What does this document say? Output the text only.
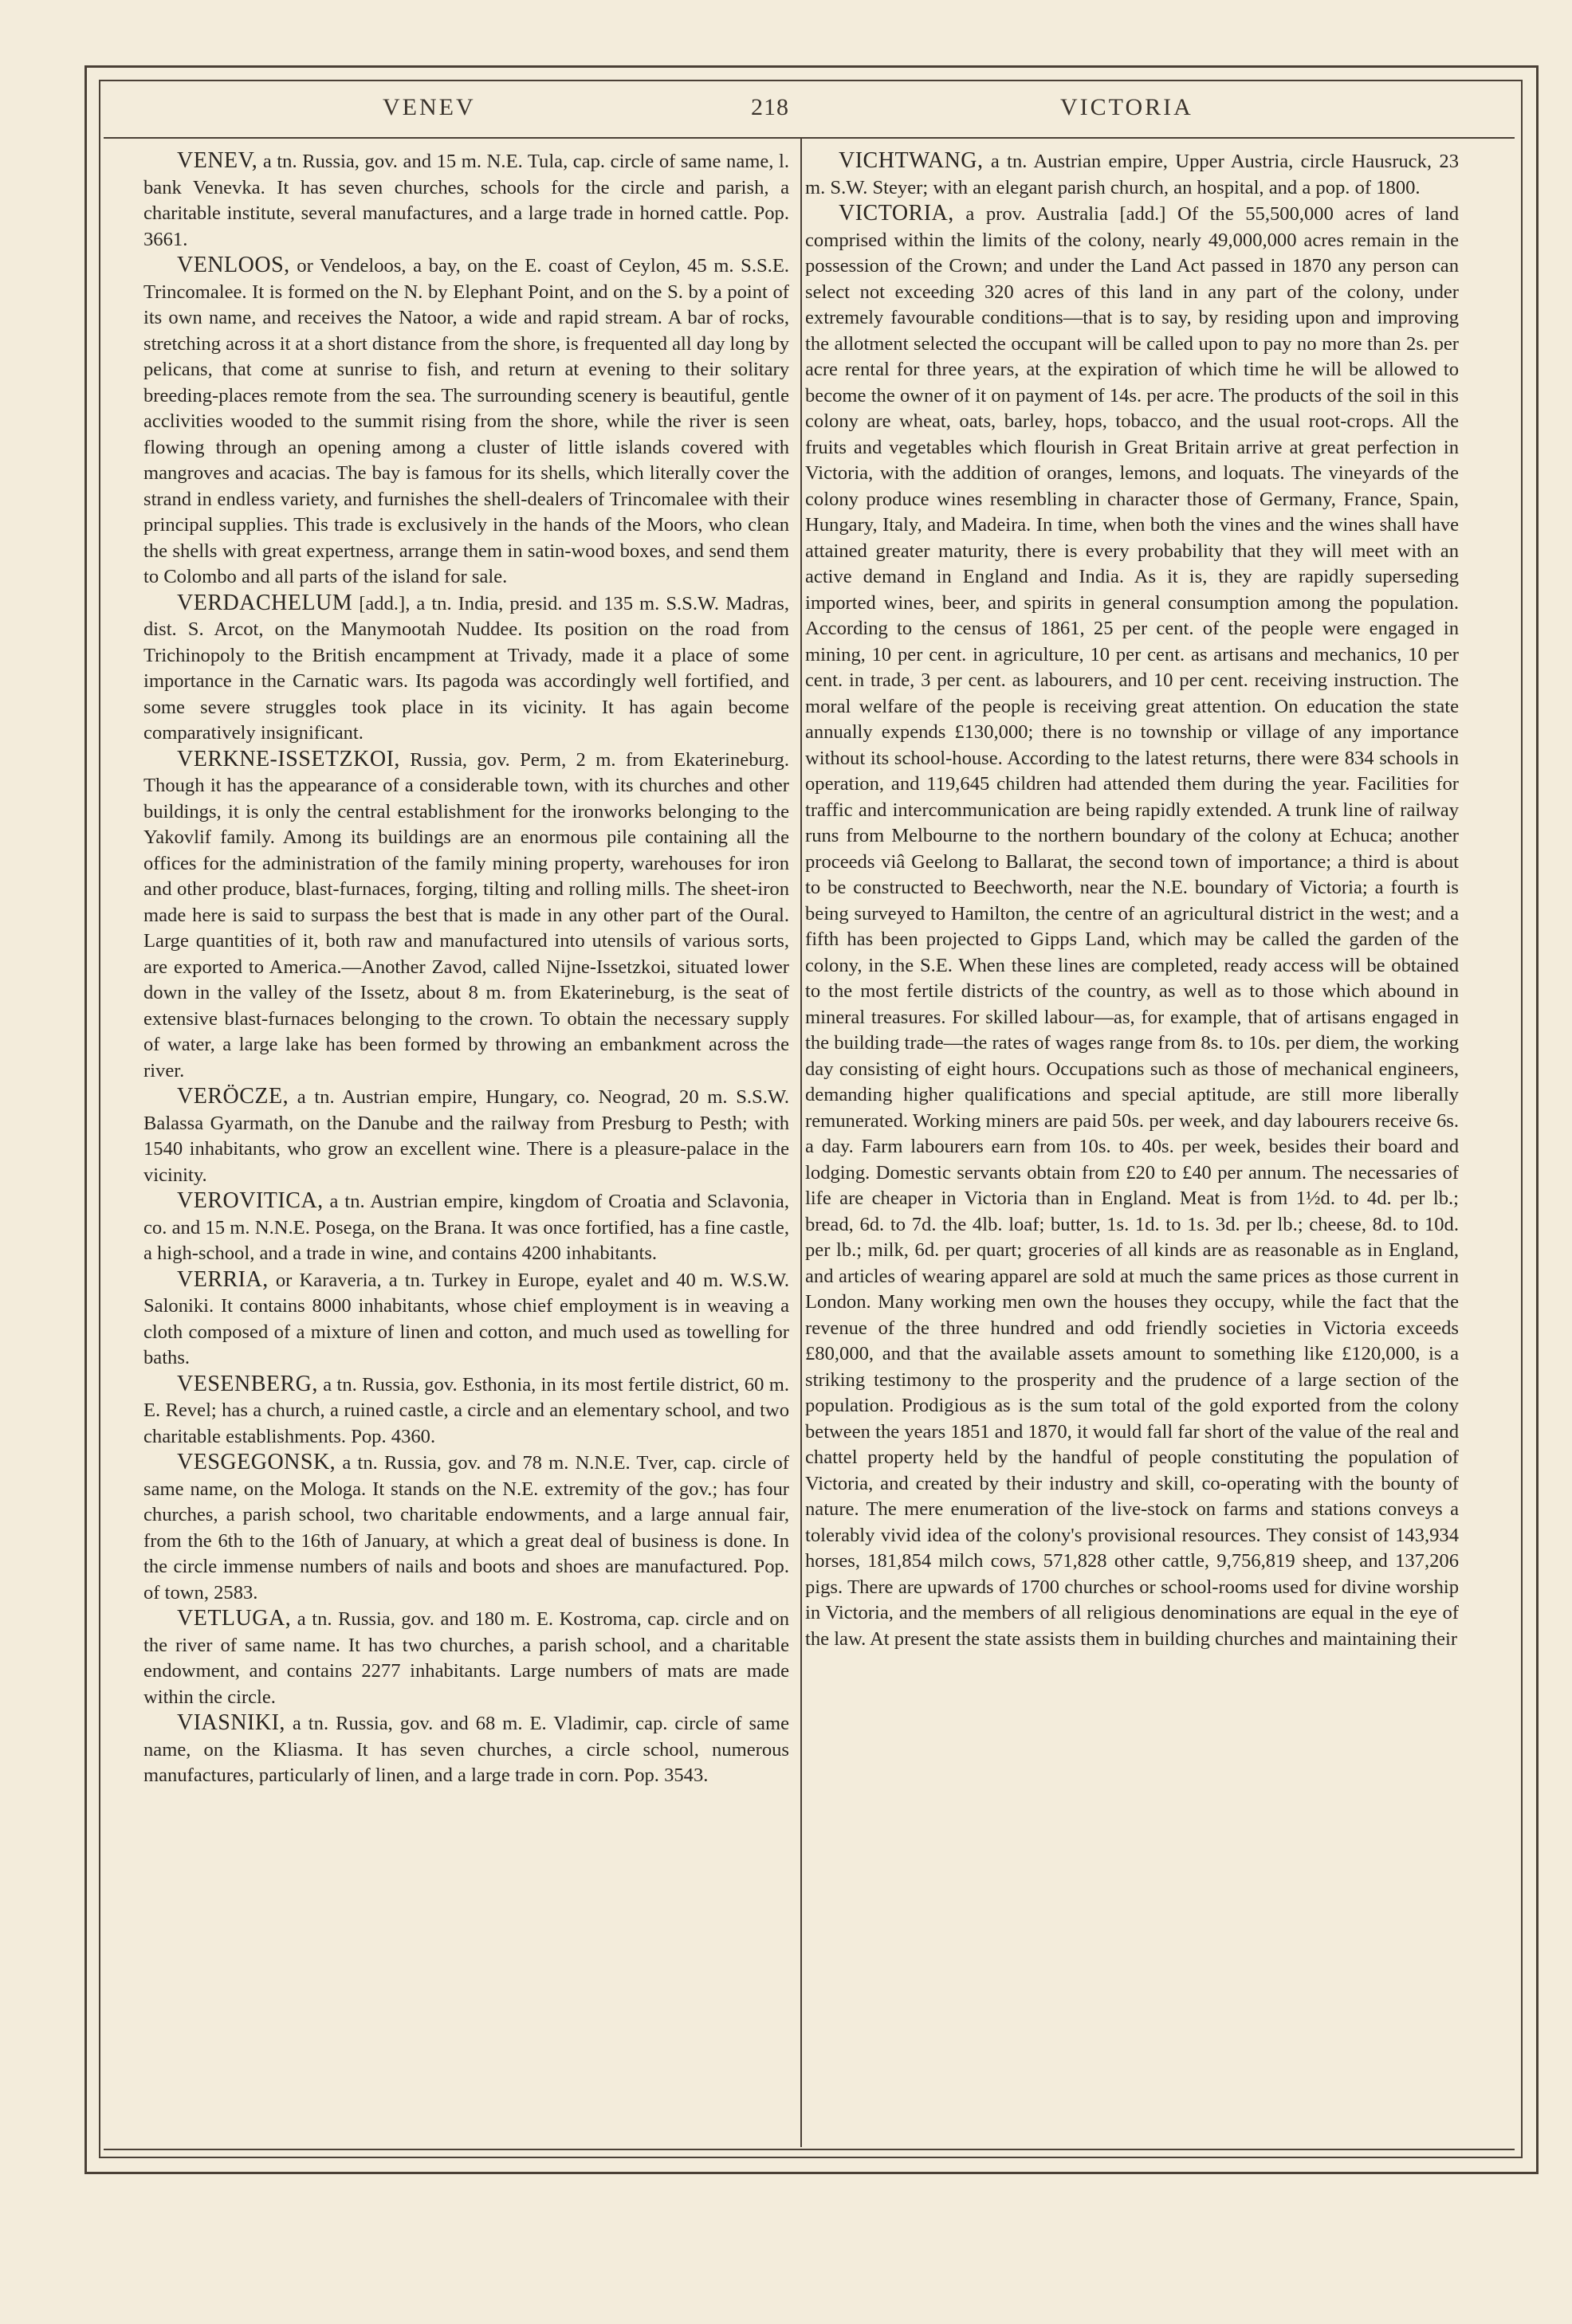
VENEV	218	VICTORIA

VENEV, a tn. Russia, gov. and 15 m. N.E. Tula, cap. circle of same name, l. bank Venevka. It has seven churches, schools for the circle and parish, a charitable institute, several manufactures, and a large trade in horned cattle. Pop. 3661.

VENLOOS, or Vendeloos, a bay, on the E. coast of Ceylon, 45 m. S.S.E. Trincomalee. It is formed on the N. by Elephant Point, and on the S. by a point of its own name, and receives the Natoor, a wide and rapid stream. A bar of rocks, stretching across it at a short distance from the shore, is frequented all day long by pelicans, that come at sunrise to fish, and return at evening to their solitary breeding-places remote from the sea. The surrounding scenery is beautiful, gentle acclivities wooded to the summit rising from the shore, while the river is seen flowing through an opening among a cluster of little islands covered with mangroves and acacias. The bay is famous for its shells, which literally cover the strand in endless variety, and furnishes the shell-dealers of Trincomalee with their principal supplies. This trade is exclusively in the hands of the Moors, who clean the shells with great expertness, arrange them in satin-wood boxes, and send them to Colombo and all parts of the island for sale.

VERDACHELUM [add.], a tn. India, presid. and 135 m. S.S.W. Madras, dist. S. Arcot, on the Manymootah Nuddee. Its position on the road from Trichinopoly to the British encampment at Trivady, made it a place of some importance in the Carnatic wars. Its pagoda was accordingly well fortified, and some severe struggles took place in its vicinity. It has again become comparatively insignificant.

VERKNE-ISSETZKOI, Russia, gov. Perm, 2 m. from Ekaterineburg. Though it has the appearance of a considerable town, with its churches and other buildings, it is only the central establishment for the ironworks belonging to the Yakovlif family. Among its buildings are an enormous pile containing all the offices for the administration of the family mining property, warehouses for iron and other produce, blast-furnaces, forging, tilting and rolling mills. The sheet-iron made here is said to surpass the best that is made in any other part of the Oural. Large quantities of it, both raw and manufactured into utensils of various sorts, are exported to America.—Another Zavod, called Nijne-Issetzkoi, situated lower down in the valley of the Issetz, about 8 m. from Ekaterineburg, is the seat of extensive blast-furnaces belonging to the crown. To obtain the necessary supply of water, a large lake has been formed by throwing an embankment across the river.

VERÖCZE, a tn. Austrian empire, Hungary, co. Neograd, 20 m. S.S.W. Balassa Gyarmath, on the Danube and the railway from Presburg to Pesth; with 1540 inhabitants, who grow an excellent wine. There is a pleasure-palace in the vicinity.

VEROVITICA, a tn. Austrian empire, kingdom of Croatia and Sclavonia, co. and 15 m. N.N.E. Posega, on the Brana. It was once fortified, has a fine castle, a high-school, and a trade in wine, and contains 4200 inhabitants.

VERRIA, or Karaveria, a tn. Turkey in Europe, eyalet and 40 m. W.S.W. Saloniki. It contains 8000 inhabitants, whose chief employment is in weaving a cloth composed of a mixture of linen and cotton, and much used as towelling for baths.

VESENBERG, a tn. Russia, gov. Esthonia, in its most fertile district, 60 m. E. Revel; has a church, a ruined castle, a circle and an elementary school, and two charitable establishments. Pop. 4360.

VESGEGONSK, a tn. Russia, gov. and 78 m. N.N.E. Tver, cap. circle of same name, on the Mologa. It stands on the N.E. extremity of the gov.; has four churches, a parish school, two charitable endowments, and a large annual fair, from the 6th to the 16th of January, at which a great deal of business is done. In the circle immense numbers of nails and boots and shoes are manufactured. Pop. of town, 2583.

VETLUGA, a tn. Russia, gov. and 180 m. E. Kostroma, cap. circle and on the river of same name. It has two churches, a parish school, and a charitable endowment, and contains 2277 inhabitants. Large numbers of mats are made within the circle.

VIASNIKI, a tn. Russia, gov. and 68 m. E. Vladimir, cap. circle of same name, on the Kliasma. It has seven churches, a circle school, numerous manufactures, particularly of linen, and a large trade in corn. Pop. 3543.

VICHTWANG, a tn. Austrian empire, Upper Austria, circle Hausruck, 23 m. S.W. Steyer; with an elegant parish church, an hospital, and a pop. of 1800.

VICTORIA, a prov. Australia [add.] Of the 55,500,000 acres of land comprised within the limits of the colony, nearly 49,000,000 acres remain in the possession of the Crown; and under the Land Act passed in 1870 any person can select not exceeding 320 acres of this land in any part of the colony, under extremely favourable conditions—that is to say, by residing upon and improving the allotment selected the occupant will be called upon to pay no more than 2s. per acre rental for three years, at the expiration of which time he will be allowed to become the owner of it on payment of 14s. per acre. The products of the soil in this colony are wheat, oats, barley, hops, tobacco, and the usual root-crops. All the fruits and vegetables which flourish in Great Britain arrive at great perfection in Victoria, with the addition of oranges, lemons, and loquats. The vineyards of the colony produce wines resembling in character those of Germany, France, Spain, Hungary, Italy, and Madeira. In time, when both the vines and the wines shall have attained greater maturity, there is every probability that they will meet with an active demand in England and India. As it is, they are rapidly superseding imported wines, beer, and spirits in general consumption among the population. According to the census of 1861, 25 per cent. of the people were engaged in mining, 10 per cent. in agriculture, 10 per cent. as artisans and mechanics, 10 per cent. in trade, 3 per cent. as labourers, and 10 per cent. receiving instruction. The moral welfare of the people is receiving great attention. On education the state annually expends £130,000; there is no township or village of any importance without its school-house. According to the latest returns, there were 834 schools in operation, and 119,645 children had attended them during the year. Facilities for traffic and intercommunication are being rapidly extended. A trunk line of railway runs from Melbourne to the northern boundary of the colony at Echuca; another proceeds viâ Geelong to Ballarat, the second town of importance; a third is about to be constructed to Beechworth, near the N.E. boundary of Victoria; a fourth is being surveyed to Hamilton, the centre of an agricultural district in the west; and a fifth has been projected to Gipps Land, which may be called the garden of the colony, in the S.E. When these lines are completed, ready access will be obtained to the most fertile districts of the country, as well as to those which abound in mineral treasures. For skilled labour—as, for example, that of artisans engaged in the building trade—the rates of wages range from 8s. to 10s. per diem, the working day consisting of eight hours. Occupations such as those of mechanical engineers, demanding higher qualifications and special aptitude, are still more liberally remunerated. Working miners are paid 50s. per week, and day labourers receive 6s. a day. Farm labourers earn from 10s. to 40s. per week, besides their board and lodging. Domestic servants obtain from £20 to £40 per annum. The necessaries of life are cheaper in Victoria than in England. Meat is from 1½d. to 4d. per lb.; bread, 6d. to 7d. the 4lb. loaf; butter, 1s. 1d. to 1s. 3d. per lb.; cheese, 8d. to 10d. per lb.; milk, 6d. per quart; groceries of all kinds are as reasonable as in England, and articles of wearing apparel are sold at much the same prices as those current in London. Many working men own the houses they occupy, while the fact that the revenue of the three hundred and odd friendly societies in Victoria exceeds £80,000, and that the available assets amount to something like £120,000, is a striking testimony to the prosperity and the prudence of a large section of the population. Prodigious as is the sum total of the gold exported from the colony between the years 1851 and 1870, it would fall far short of the value of the real and chattel property held by the handful of people constituting the population of Victoria, and created by their industry and skill, co-operating with the bounty of nature. The mere enumeration of the live-stock on farms and stations conveys a tolerably vivid idea of the colony's provisional resources. They consist of 143,934 horses, 181,854 milch cows, 571,828 other cattle, 9,756,819 sheep, and 137,206 pigs. There are upwards of 1700 churches or school-rooms used for divine worship in Victoria, and the members of all religious denominations are equal in the eye of the law. At present the state assists them in building churches and maintaining their
